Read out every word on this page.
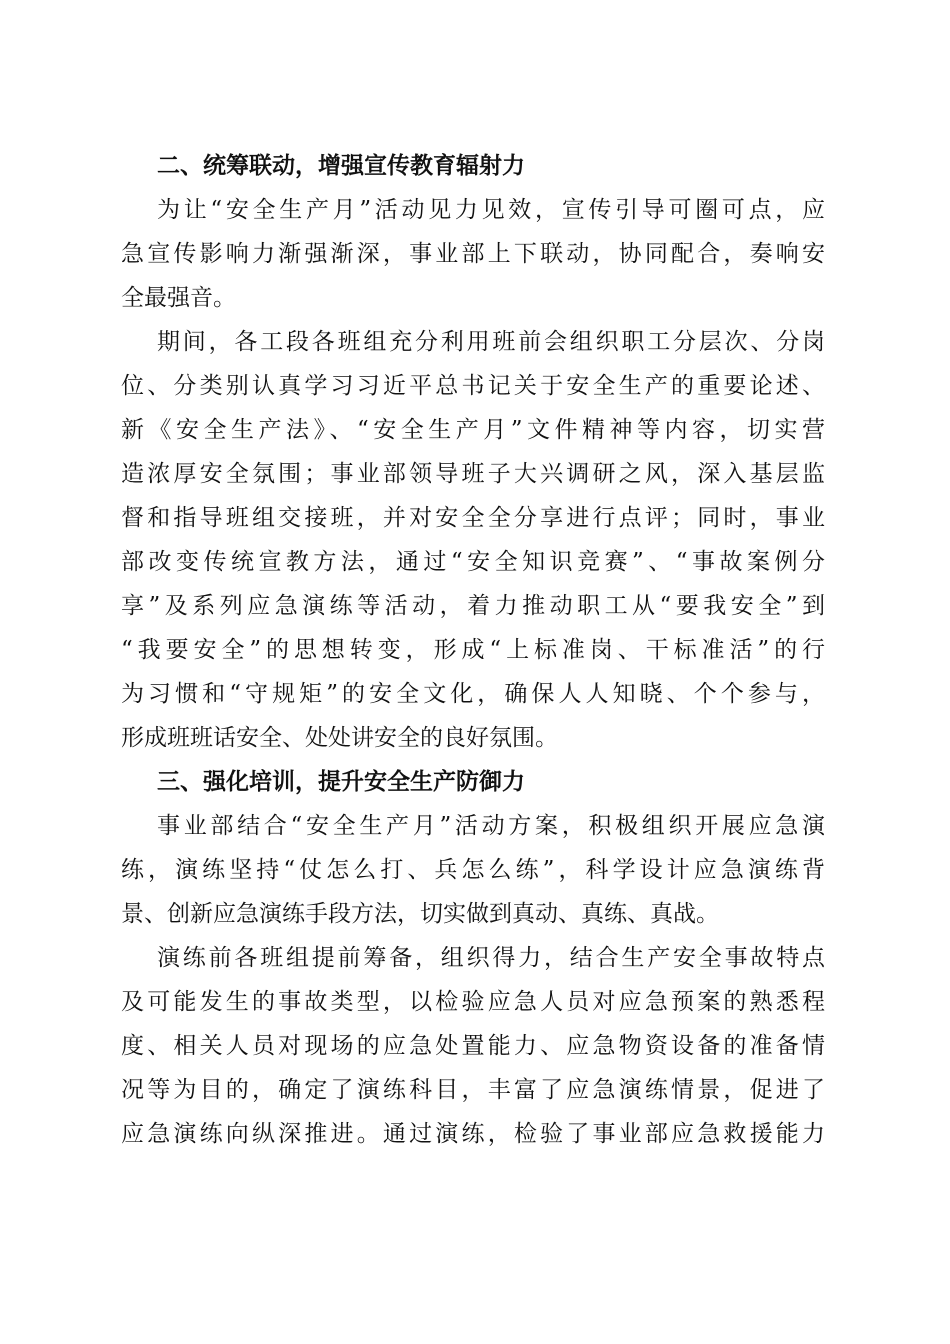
二、统筹联动，增强宣传教育辐射力
为让“安全生产月”活动见力见效，宣传引导可圈可点，应
急宣传影响力渐强渐深，事业部上下联动，协同配合，奏响安
全最强音。
期间，各工段各班组充分利用班前会组织职工分层次、分岗
位、分类别认真学习习近平总书记关于安全生产的重要论述、
新《安全生产法》、“安全生产月”文件精神等内容，切实营
造浓厚安全氛围；事业部领导班子大兴调研之风，深入基层监
督和指导班组交接班，并对安全全分享进行点评；同时，事业
部改变传统宣教方法，通过“安全知识竞赛”、“事故案例分
享”及系列应急演练等活动，着力推动职工从“要我安全”到
“我要安全”的思想转变，形成“上标准岗、干标准活”的行
为习惯和“守规矩”的安全文化，确保人人知晓、个个参与，
形成班班话安全、处处讲安全的良好氛围。
三、强化培训，提升安全生产防御力
事业部结合“安全生产月”活动方案，积极组织开展应急演
练，演练坚持“仗怎么打、兵怎么练”，科学设计应急演练背
景、创新应急演练手段方法，切实做到真动、真练、真战。
演练前各班组提前筹备，组织得力，结合生产安全事故特点
及可能发生的事故类型，以检验应急人员对应急预案的熟悉程
度、相关人员对现场的应急处置能力、应急物资设备的准备情
况等为目的，确定了演练科目，丰富了应急演练情景，促进了
应急演练向纵深推进。通过演练，检验了事业部应急救援能力
